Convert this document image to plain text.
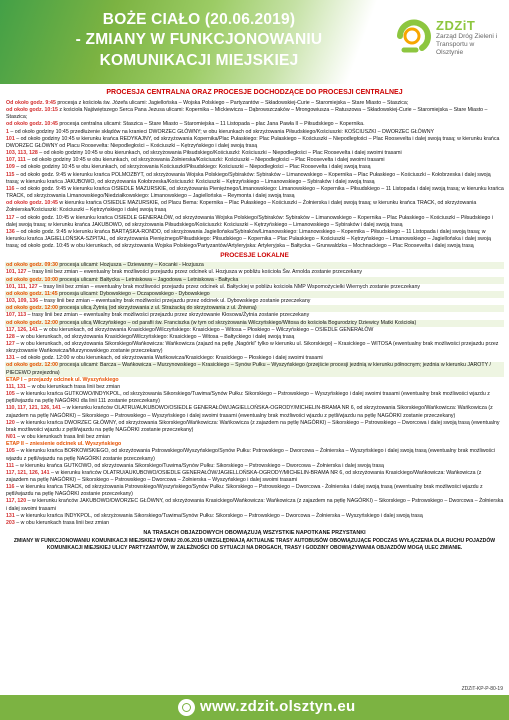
BOŻE CIAŁO (20.06.2019)
- ZMIANY W FUNKCJONOWANIU
KOMUNIKACJI MIEJSKIEJ
ZDZiT
Zarząd Dróg Zieleni i Transportu w Olsztynie
PROCESJA CENTRALNA ORAZ PROCESJE DOCHODZĄCE DO PROCESJI CENTRALNEJ
Od około godz. 9:45 procesja z kościoła św. Józefa ulicami: Jagiellońska – Wojska Polskiego – Partyzantów – Składowskiej-Curie – Staromiejska – Stare Miasto – Staszica;
od około godz. 10:15 z kościoła Najświętszego Serca Pana Jezusa ulicami: Kopernika – Mickiewicza – Dąbrowszczaków – Mrongowiusza – Ratuszowa – Składowskiej-Curie – Staromiejska – Stare Miasto – Staszica;
od około godz. 10:45 procesja centralna ulicami: Staszica – Stare Miasto – Staromiejska – 11 Listopada – plac Jana Pawła II – Piłsudskiego – Kopernika.
1 – od około godziny 10:45 przedłużenie skłądów na kranieci DWORZEC GŁÓWNY; w obu kierunkach od skrzyżowania Piłsudskiego/Kościuszki: KOŚCIUSZKI – DWORZEC GŁÓWNY
101 – od około godziny 10:45 w kierunku krańca REDYKAJNY, od skrzyżowania Kopernika/Plac Pułaskiego: Plac Pułaskiego – Kościuszki – Niepodległości – Plac Roosevelta i dalej swoją trasą; w kierunku krańca DWORZEC GŁÓWNY od Placu Roosevelta: Niepodległości – Kościuszki – Kętrzyńskiego i dalej swoją trasą
103, 113, 128 – od około godziny 10:45 w obu kierunkach, od skrzyżowania Piłsudskiego/Kościuszki: Kościuszki – Niepodległości – Plac Roosevelta i dalej swoimi trasami
107, 111 – od około godziny 10:45 w obu kierunkach, od skrzyżowania Żołnierska/Kościuszki: Kościuszki – Niepodległości – Plac Roosevelta i dalej swoimi trasami
109 – od około godziny 10:45 w obu kierunkach, od skrzyżowania Kościuszki/Piłsudskiego: Kościuszki – Niepodległości – Plac Roosevelta i dalej swoją trasą
115 – od około godz. 9:45 w kierunku krańca POLMOZBYT, od skrzyżowania Wojska Polskiego/Sybiraków: Sybiraków – Limanowskiego – Kopernika – Plac Pułaskiego – Kościuszki – Kołobrzeska i dalej swoją trasą; w kierunku krańca JAKUBOWO, od skrzyżowania Kołobrzeska/Kościuszki: Kościuszki – Kętrzyńskiego – Limanowskiego – Sybiraków i dalej swoją trasą
116 – od około godz. 9:45 w kierunku krańca OSIEDLE MAZURSKIE, od skrzyżowania Pieniężnego/Limanowskiego: Limanowskiego – Kopernika – Piłsudskiego – 11 Listopada i dalej swoją trasą; w kierunku krańca TRACK, od skrzyżowania Limanowskiego/Niedziałkowskiego: Limanowskiego – Jagiellońska – Reymonta i dalej swoją trasą
od około godz. 10:45 w kierunku krańca OSIEDLE MAZURSKIE, od Placu Bema: Kopernika – Plac Pułaskiego – Kościuszki – Żołnierska i dalej swoją trasą; w kierunku krańca TRACK, od skrzyżowania Żołnierska/Kościuszki: Kościuszki – Kętrzyńskiego i dalej swoją trasą
117 – od około godz. 10:45 w kierunku krańca OSIEDLE GENERAŁÓW, od skrzyżowania Wojska Polskiego/Sybiraków: Sybiraków – Limanowskiego – Kopernika – Plac Pułaskiego – Kościuszki – Piłsudskiego i dalej swoją trasą; w kierunku krańca JAKUBOWO, od skrzyżowania Piłsudskiego/Kościuszki: Kościuszki – Kętrzyńskiego – Limanowskiego – Sybiraków i dalej swoją trasą
136 – od około godz. 9:45 w kierunku krańca BARTĄSKA-RONDO, od skrzyżowania Jagiellońska/Sybiraków/Limanowskiego: Limanowskiego – Kopernika – Piłsudskiego – 11 Listopada i dalej swoją trasą; w kierunku krańca JAGIELLOŃSKA-SZPITAL, od skrzyżowania Pieniężnego/Piłsudskiego: Piłsudskiego – Kopernika – Plac Pułaskiego – Kościuszki – Kętrzyńskiego – Limanowskiego – Jagiellońska i dalej swoją trasą; od około godz. 10:45 w obu kierunkach, od skrzyżowania Wojska Polskiego/Partyzantów/Artyleryjska: Artyleryjska – Bałtycka – Grunwaldzka – Mochnackiego – Plac Roosevelta i dalej swoją trasą
PROCESJE LOKALNE
od około godz. 09:30 procesja ulicami: Hozjusza – Dziewanny – Kocanki - Hozjusza
101, 127 – trasy linii bez zmian – ewentualny brak możliwości przejazdu przez odcinek ul. Hozjusza w pobliżu kościoła Św. Arnolda zostanie przeczekany
od około godz. 10:00 procesja ulicami: Bałtycka – Letniskowa – Jagodowa – Letniskowa - Bałtycka
101, 111, 127 – trasy linii bez zmian – ewentualny brak możliwości przejazdu przez odcinek ul. Bałtyckiej w pobliżu kościoła NMP Wspomożycielki Wiernych zostanie przeczekany
od około godz. 11:45 procesja ulicami: Dybowskiego – Oczapowskiego - Dybowskiego
103, 109, 136 – trasy linii bez zmian – ewentualny brak możliwości przejazdu przez odcinek ul. Dybowskiego zostanie przeczekany
od około godz. 12:00 procesja ulicą Żytnią (od skrzyżowania z ul. Strażacką do skrzyżowania z ul. Źniwną)
107, 113 – trasy linii bez zmian – ewentualny brak możliwości przejazdu przez skrzyżowanie Kłosowa/Żytnia zostanie przeczekany
od około godz. 12:00 procesja ulicą Wilczyńskiego – od parafii św. Franciszka (w tym od skrzyżowania Wilczyńskiego/Witosa do kościoła Bogurodzicy Dziewicy Matki Kościoła)
117, 126, 141 – w obu kierunkach, od skrzyżowania Krasickiego/Wilczyńskiego: Krasickiego – Witosa – Płoskiego – Wilczyńskiego – OSIEDLE GENERAŁÓW
128 – w obu kierunkach, od skrzyżowania Krasickiego/Wilczyńskiego: Krasickiego – Witosa – Bałtyckiego i dalej swoją trasą
127 – w obu kierunkach, od skrzyżowania Sikorskiego/Wańkowicza: Wańkowicza (zajazd na pętlę „Nagórki” tylko w kierunku ul. Sikorskiego) – Krasickiego – WITOSA (ewentualny brak możliwości przejazdu przez skrzyżowanie Wańkowicza/Murzynowskiego zostanie przeczekany)
131 – od około godz. 12:00 w obu kierunkach, od skrzyżowania Wańkowicza/Krasickiego: Krasickiego – Płoskiego i dalej swoimi trasami
od około godz. 12:00 procesja ulicami: Barcza – Wańkowicza – Murzynowskiego – Krasickiego – Synów Pułku – Wyszyńskiego (przejście procesji jezdnią w kierunku północnym; jezdnia w kierunku JAROTY / PIECEWO przejezdna)
ETAP I – przejazdy odcinek ul. Wyszyńskiego
111, 131 – w obu kierunkach trasa linii bez zmian
105 – w kierunku krańca GUTKOWO/INDYKPOL, od skrzyżowania Sikorskiego/Tuwima/Synów Pułku: Sikorskiego – Pstrowskiego – Wyszyńskiego i dalej swoimi trasami (ewentualny brak możliwości wjazdu z pętli/wjazdu na pętlę NAGÓRKI dla linii 111 zostanie przeczekany)
110, 117, 121, 126, 141 – w kierunku krańców OLATRU/AUKUBOWO/OSIEDLE GENERAŁÓW/JAGIELLOŃSKA-OGRODY/MICHELIN-BRAMA NR 6, od skrzyżowania Sikorskiego/Wańkowicza: Wańkowicza (z zajazdem na pętlę NAGÓRKI) – Sikorskiego – Pstrowskiego – Wyszyńskiego i dalej swoimi trasami (ewentualny brak możliwości wjazdu z pętli/wjazdu na pętlę NAGÓRKI zostanie przeczekany)
120 – w kierunku krańca DWORZEC GŁÓWNY, od skrzyżowania Sikorskiego/Wańkowicza: Wańkowicza (z zajazdem na pętlę NAGÓRKI) – Sikorskiego – Pstrowskiego – Dworcowa i dalej swoją trasą (ewentualny brak możliwości wjazdu z pętli/wjazdu na pętlę NAGÓRKI zostanie przeczekany)
N01 – w obu kierunkach trasa linii bez zmian
ETAP II – zniesienie odcinek ul. Wyszyńskiego
105 – w kierunku krańca BORKOWSKIEGO, od skrzyżowania Pstrowskiego/Wyszyńskiego/Synów Pułku: Pstrowskiego – Dworcowa – Żołnierska – Wyszyńskiego i dalej swoją trasą (ewentualny brak możliwości wjazdu z pętli/wjazdu na pętlę NAGÓRKI zostanie przeczekany)
111 – w kierunku krańca GUTKOWO, od skrzyżowania Sikorskiego/Tuwima/Synów Pułku: Sikorskiego – Pstrowskiego – Dworcowa – Żołnierska i dalej swoją trasą
117, 121, 126, 141 – w kierunku krańców OLATRU/AUKUBOWO/OSIEDLE GENERAŁÓW/JAGIELLOŃSKA-OGRODY/MICHELIN-BRAMA NR 6, od skrzyżowania Krasickiego/Wańkowicza: Wańkowicza (z zajazdem na pętlę NAGÓRKI) – Sikorskiego – Pstrowskiego – Dworcowa – Żołnierska – Wyszyńskiego i dalej swoimi trasami
116 – w kierunku krańca TRACK, od skrzyżowania Pstrowskiego/Wyszyńskiego/Synów Pułku: Sikorskiego – Pstrowskiego – Dworcowa - Żołnierska i dalej swoją trasą (ewentualny brak możliwości wjazdu z pętli/wjazdu na pętlę NAGÓRKI zostanie przeczekany)
117, 120 – w kierunku krańców JAKUBOWO/DWORZEC GŁÓWNY, od skrzyżowania Krasickiego/Wańkowicza: Wańkowicza (z zajazdem na pętlę NAGÓRKI) – Sikorskiego – Pstrowskiego – Dworcowa – Żołnierska i dalej swoimi trasami
131 – w kierunku krańca INDYKPOL, od skrzyżowania Sikorskiego/Tuwima/Synów Pułku: Sikorskiego – Pstrowskiego – Dworcowa – Żołnierska – Wyszyńskiego i dalej swoją trasą
203 – w obu kierunkach trasa linii bez zmian
NA TRASACH OBJAZDOWYCH OBOWIĄZUJĄ WSZYSTKIE NAPOTKANE PRZYSTANKI
ZMIANY W FUNKCJONOWANIU KOMUNIKACJI MIEJSKIEJ W DNIU 20.06.2019 UWZGLĘDNIAJĄ AKTUALNE TRASY AUTOBUSÓW OBOWIĄZUJĄCE PODCZAS WYŁĄCZENIA DLA RUCHU POJAZDÓW KOMUNIKACJI MIEJSKIEJ ULICY PARTYZANTÓW, W ZALEŻNOŚCI OD SYTUACJI NA DROGACH, TRASY I GODZINY OBOWIĄZYWANIA OBJAZDÓW MOGĄ ULEC ZMIANIE.
ZDZiT-KP-P-80-19
www.zdzit.olsztyn.eu
